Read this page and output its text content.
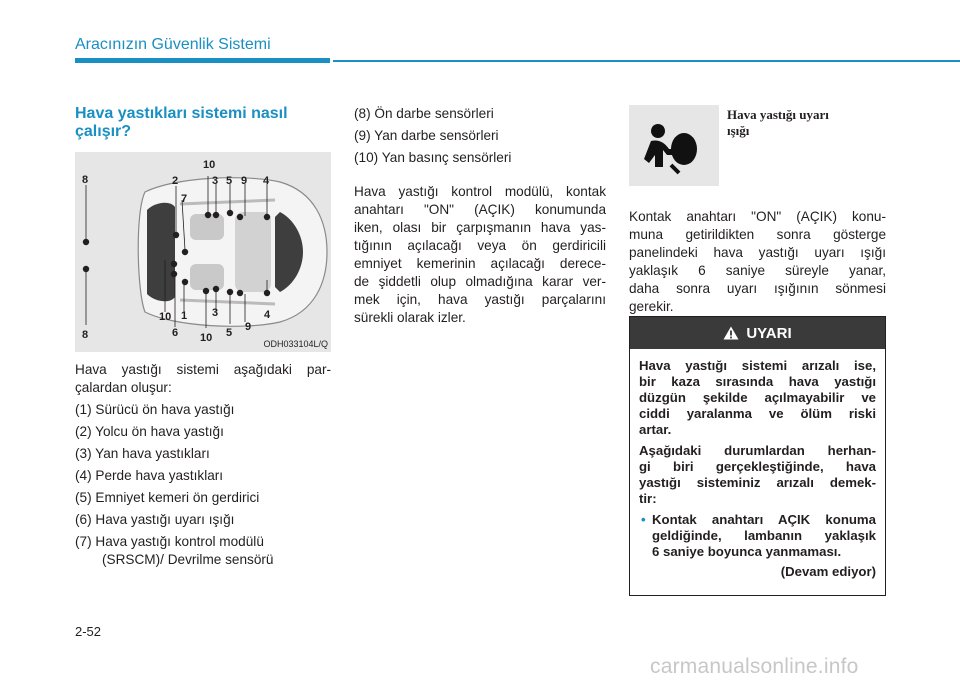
Aracınızın Güvenlik Sistemi
Hava yastıkları sistemi nasıl
çalışır?
8	2
10
3 5 9 4
7
10 1 3
9
4
8	6 10 5
ODH033104L/Q
Hava yastığı sistemi aşağıdaki par-
çalardan oluşur:
(1) Sürücü ön hava yastığı
(2) Yolcu ön hava yastığı
(3) Yan hava yastıkları
(4) Perde hava yastıkları
(5) Emniyet kemeri ön gerdirici
(6) Hava yastığı uyarı ışığı
(7) Hava yastığı kontrol modülü
(SRSCM)/ Devrilme sensörü
(8) Ön darbe sensörleri
(9) Yan darbe sensörleri
(10) Yan basınç sensörleri
Hava yastığı kontrol modülü, kontak
anahtarı "ON" (AÇIK) konumunda
iken, olası bir çarpışmanın hava yas-
tığının açılacağı veya ön gerdiricili
emniyet kemerinin açılacağı derece-
de şiddetli olup olmadığına karar ver-
mek için, hava yastığı parçalarını
sürekli olarak izler.
Hava yastığı uyarı
ışığı
Kontak anahtarı "ON" (AÇIK) konu-
muna getirildikten sonra gösterge
panelindeki hava yastığı uyarı ışığı
yaklaşık 6 saniye süreyle yanar,
daha sonra uyarı ışığının sönmesi
gerekir.
UYARI
Hava yastığı sistemi arızalı ise,
bir kaza sırasında hava yastığı
düzgün şekilde açılmayabilir ve
ciddi yaralanma ve ölüm riski
artar.
Aşağıdaki durumlardan herhan-
gi biri gerçekleştiğinde, hava
yastığı sisteminiz arızalı demek-
tir:
• Kontak anahtarı AÇIK konuma
geldiğinde, lambanın yaklaşık
6 saniye boyunca yanmaması.
(Devam ediyor)
2-52
carmanualsonline.info
